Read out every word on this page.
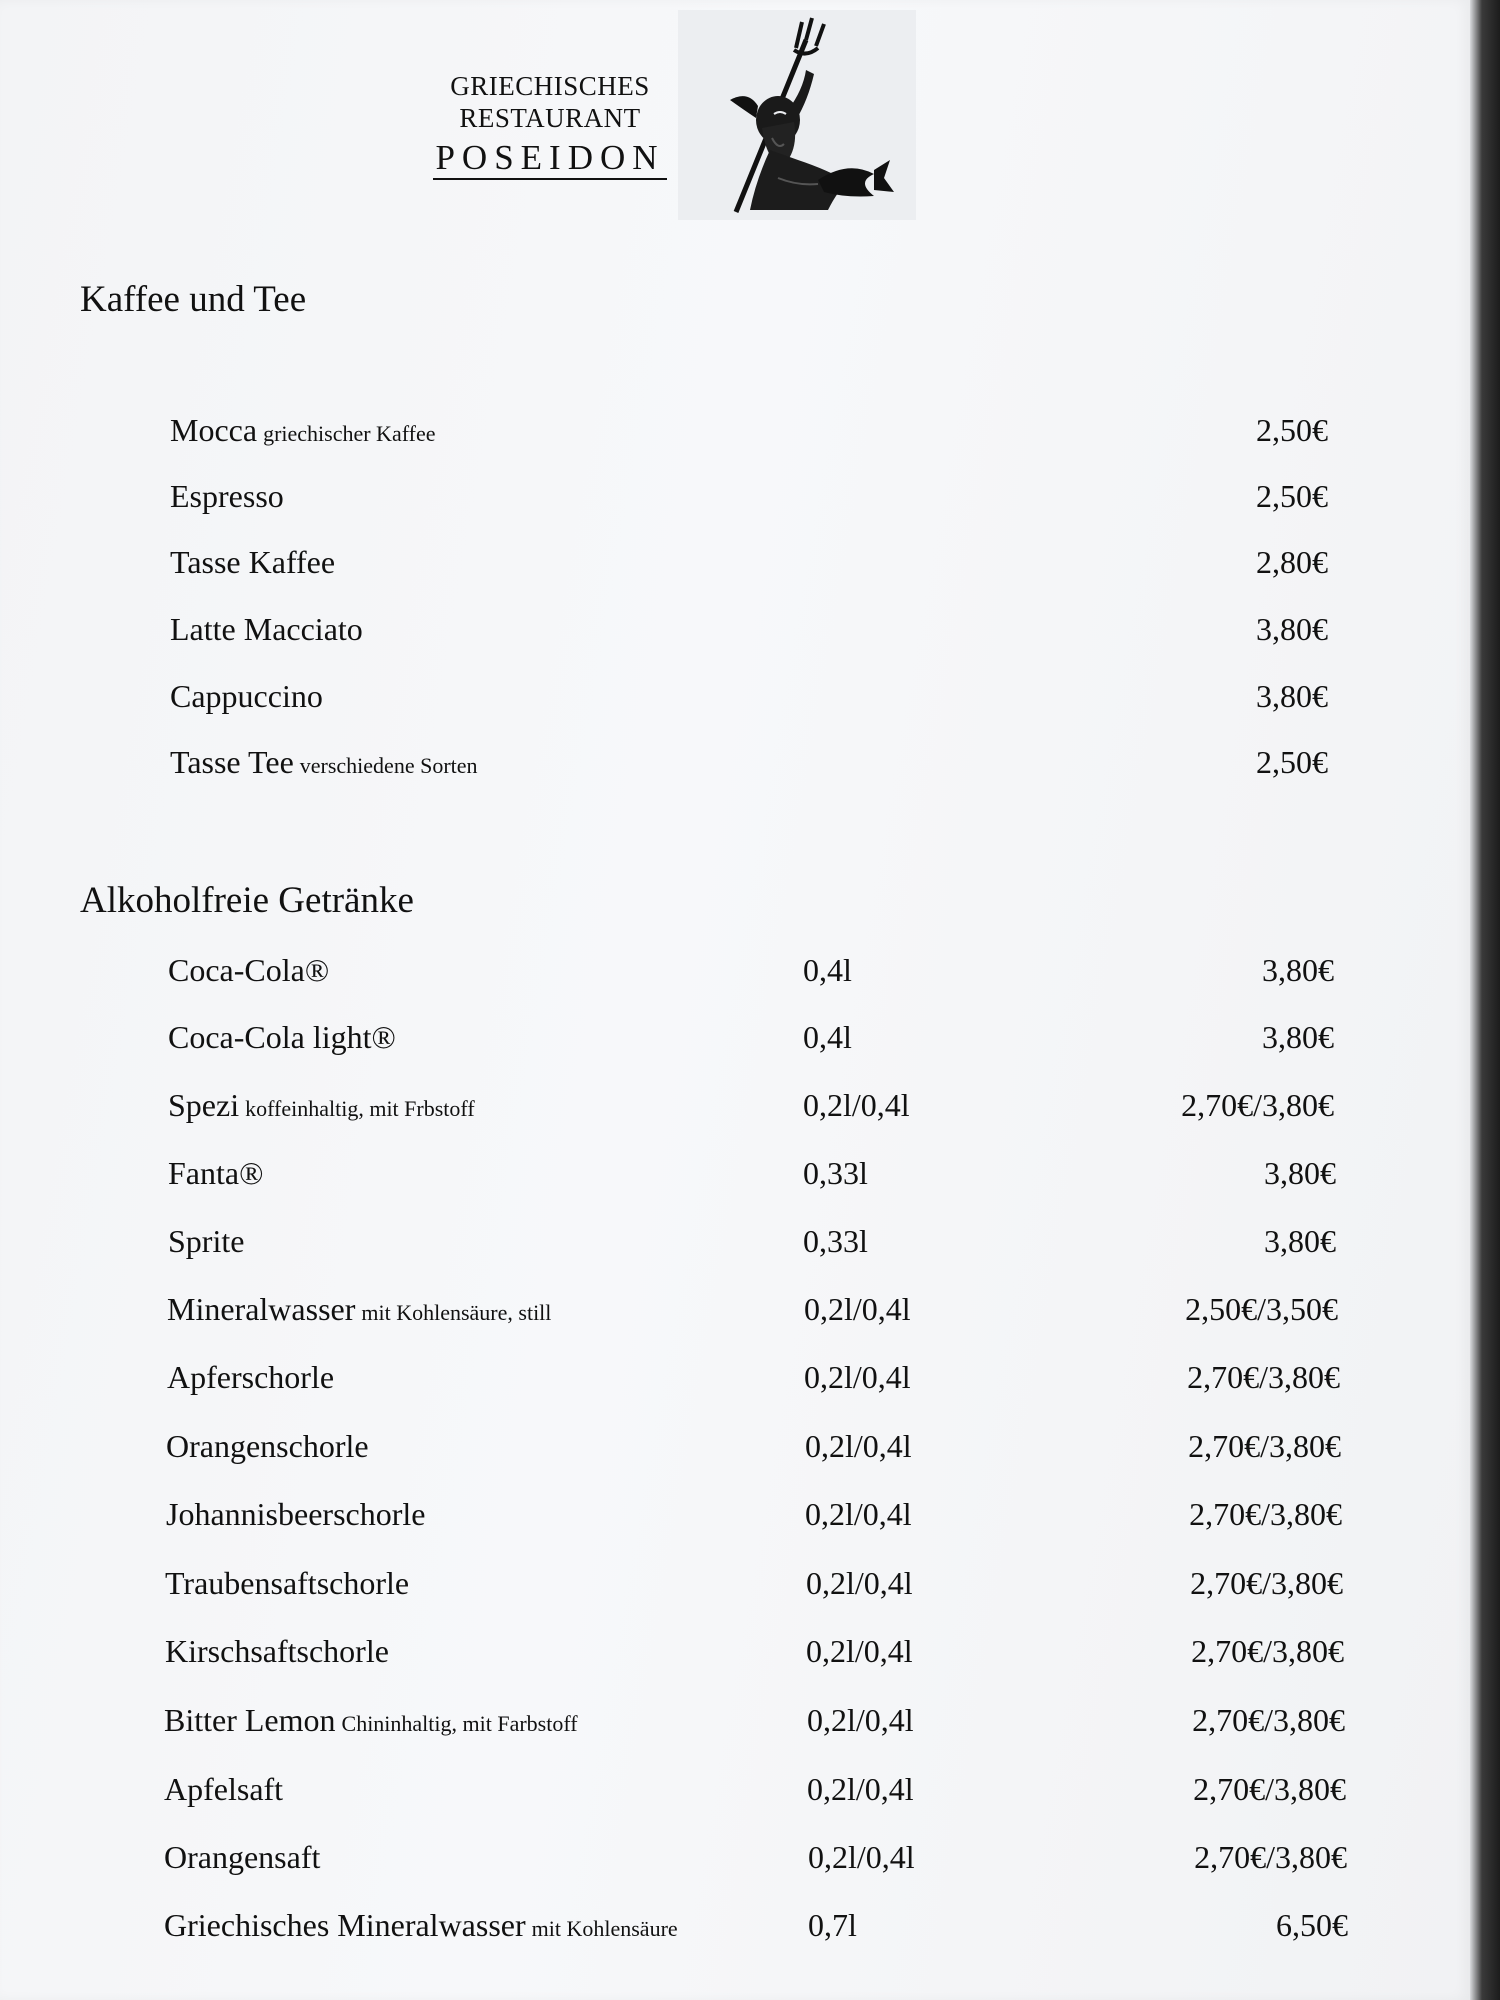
GRIECHISCHES
RESTAURANT
POSEIDON
Kaffee und Tee
Mocca griechischer Kaffee	2,50€
Espresso	2,50€
Tasse Kaffee	2,80€
Latte Macciato	3,80€
Cappuccino	3,80€
Tasse Tee verschiedene Sorten	2,50€
Alkoholfreie Getränke
Coca-Cola®	0,4l	3,80€
Coca-Cola light®	0,4l	3,80€
Spezi koffeinhaltig, mit Frbstoff	0,2l/0,4l	2,70€/3,80€
Fanta®	0,33l	3,80€
Sprite	0,33l	3,80€
Mineralwasser mit Kohlensäure, still	0,2l/0,4l	2,50€/3,50€
Apferschorle	0,2l/0,4l	2,70€/3,80€
Orangenschorle	0,2l/0,4l	2,70€/3,80€
Johannisbeerschorle	0,2l/0,4l	2,70€/3,80€
Traubensaftschorle	0,2l/0,4l	2,70€/3,80€
Kirschsaftschorle	0,2l/0,4l	2,70€/3,80€
Bitter Lemon Chininhaltig, mit Farbstoff	0,2l/0,4l	2,70€/3,80€
Apfelsaft	0,2l/0,4l	2,70€/3,80€
Orangensaft	0,2l/0,4l	2,70€/3,80€
Griechisches Mineralwasser mit Kohlensäure	0,7l	6,50€
